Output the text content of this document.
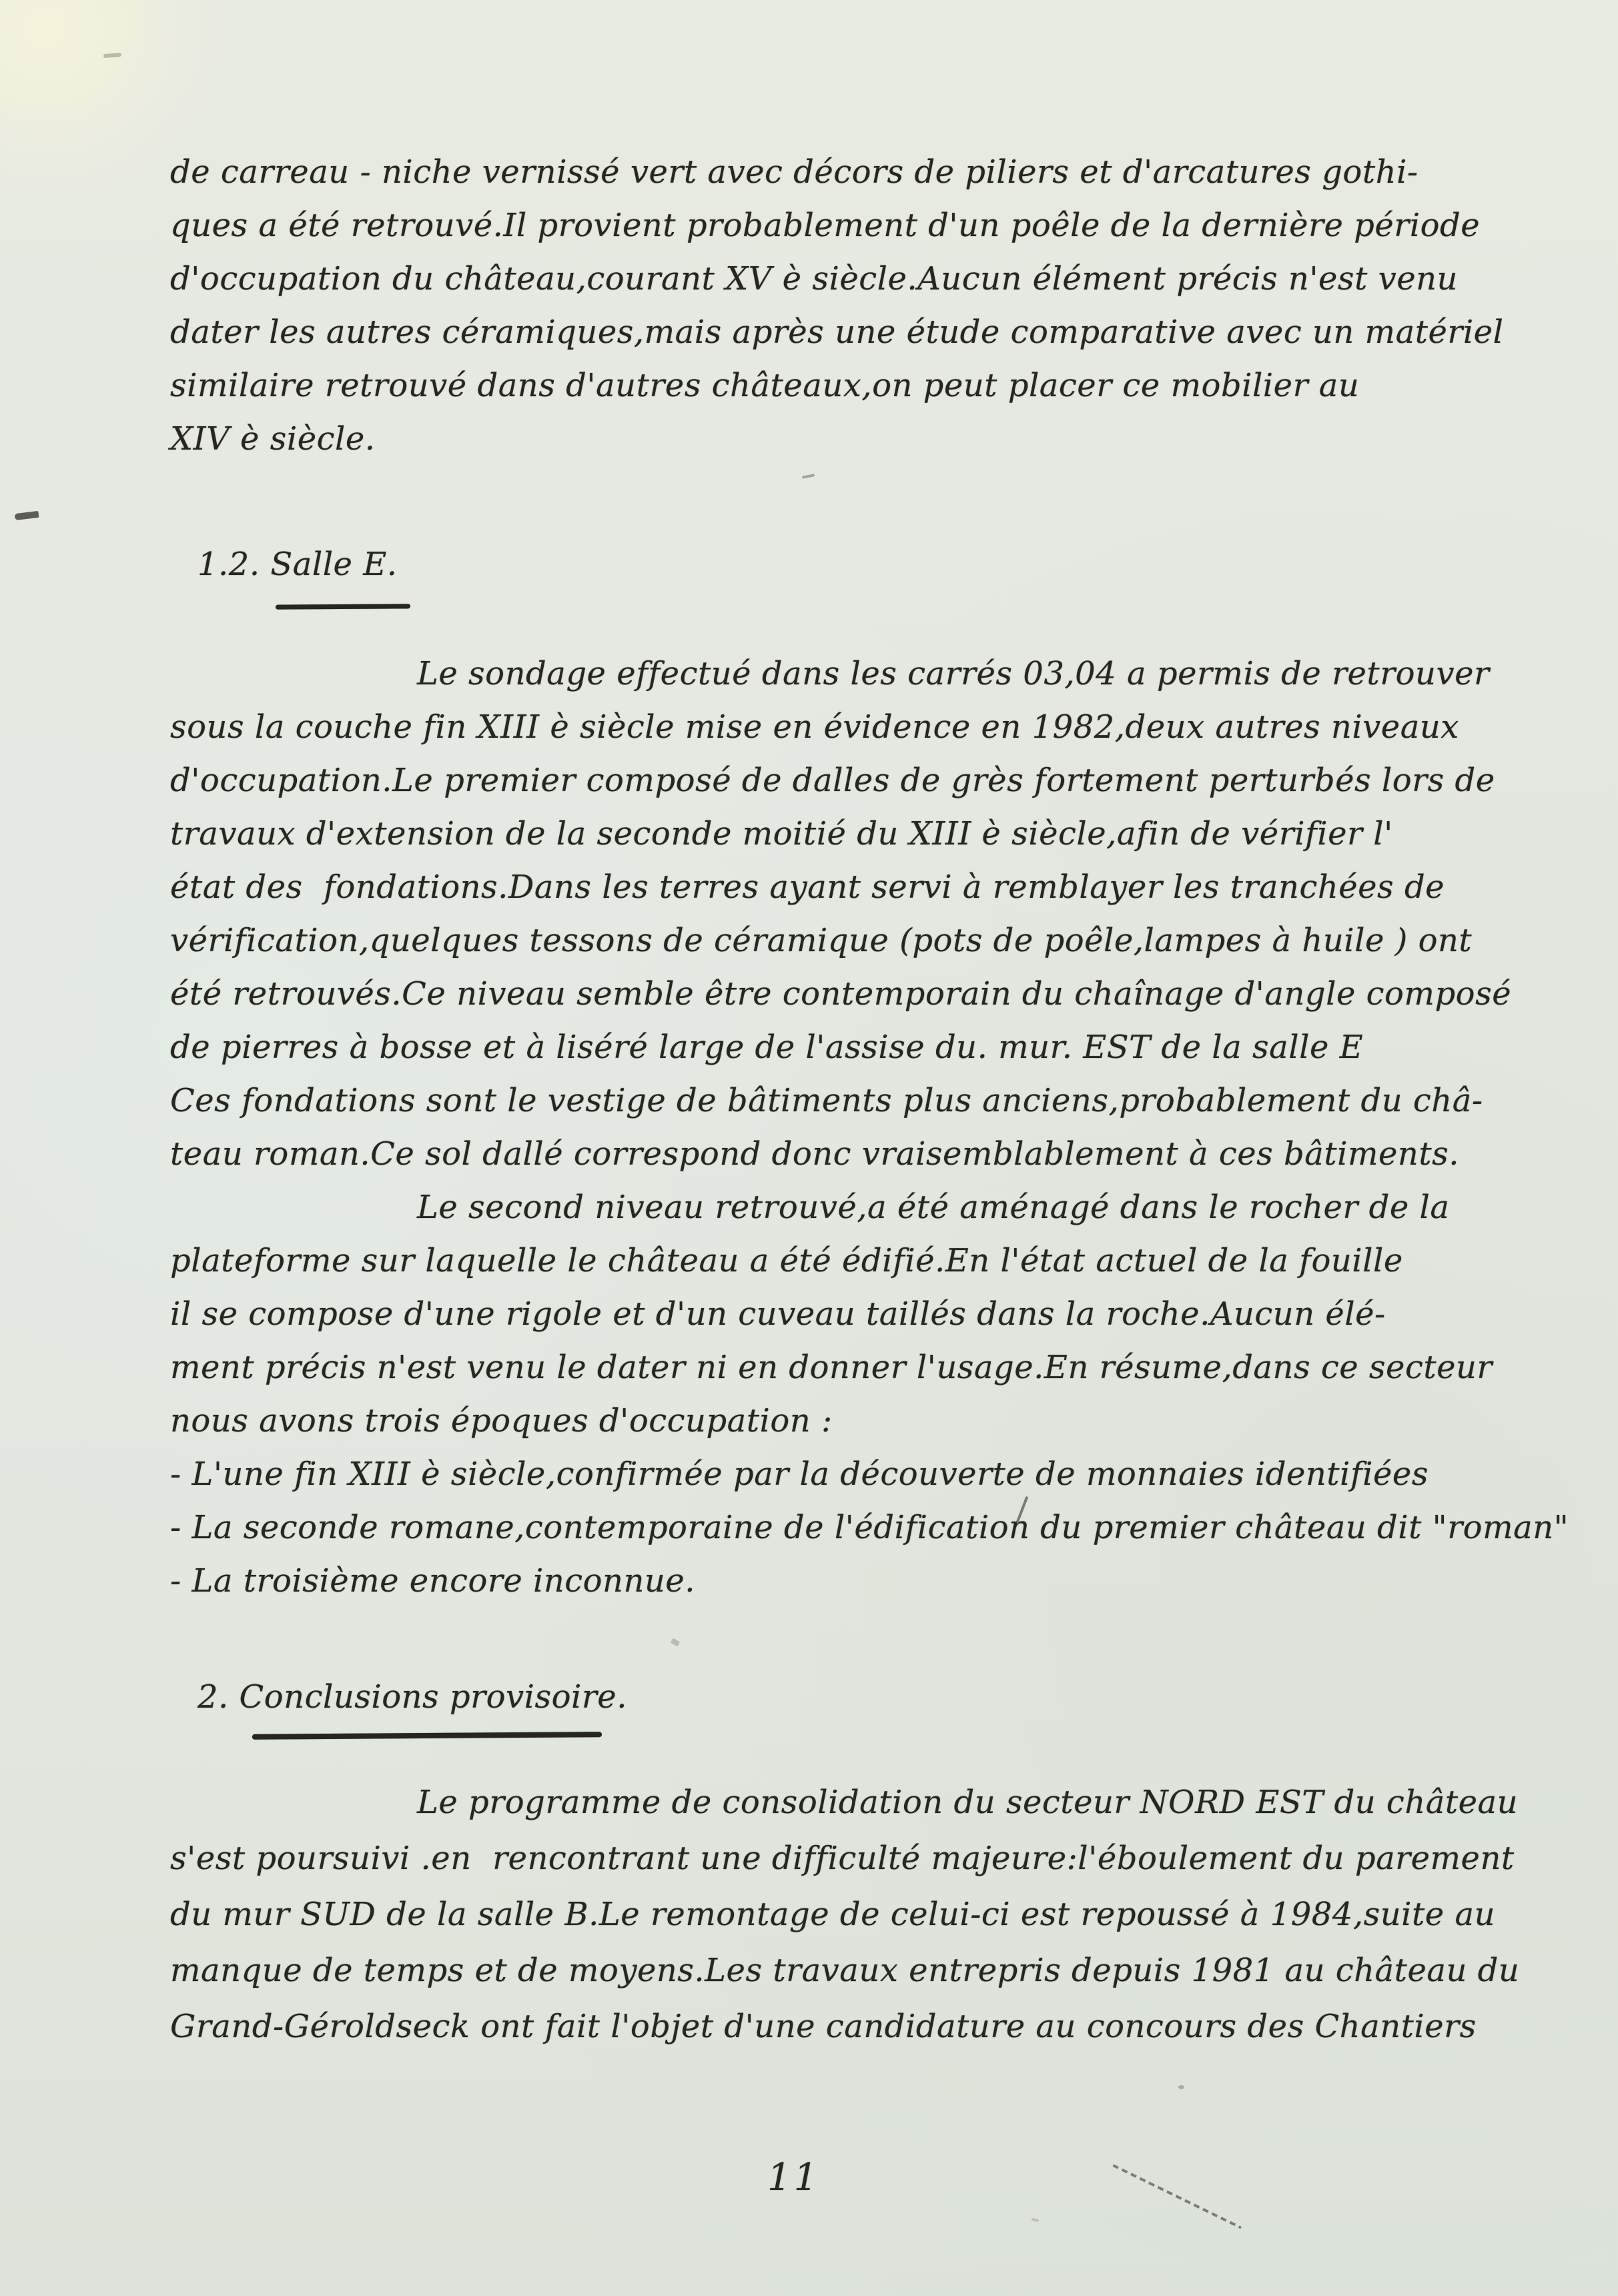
de carreau - niche vernissé vert avec décors de piliers et d'arcatures gothi-
ques a été retrouvé.Il provient probablement d'un poêle de la dernière période
d'occupation du château,courant XV è siècle.Aucun élément précis n'est venu
dater les autres céramiques,mais après une étude comparative avec un matériel
similaire retrouvé dans d'autres châteaux,on peut placer ce mobilier au
XIV è siècle.
1.2. Salle E.
Le sondage effectué dans les carrés 03,04 a permis de retrouver
sous la couche fin XIII è siècle mise en évidence en 1982,deux autres niveaux
d'occupation.Le premier composé de dalles de grès fortement perturbés lors de
travaux d'extension de la seconde moitié du XIII è siècle,afin de vérifier l'
état des  fondations.Dans les terres ayant servi à remblayer les tranchées de
vérification,quelques tessons de céramique (pots de poêle,lampes à huile ) ont
été retrouvés.Ce niveau semble être contemporain du chaînage d'angle composé
de pierres à bosse et à liséré large de l'assise du. mur. EST de la salle E
Ces fondations sont le vestige de bâtiments plus anciens,probablement du châ-
teau roman.Ce sol dallé correspond donc vraisemblablement à ces bâtiments.
Le second niveau retrouvé,a été aménagé dans le rocher de la
plateforme sur laquelle le château a été édifié.En l'état actuel de la fouille
il se compose d'une rigole et d'un cuveau taillés dans la roche.Aucun élé-
ment précis n'est venu le dater ni en donner l'usage.En résume,dans ce secteur
nous avons trois époques d'occupation :
- L'une fin XIII è siècle,confirmée par la découverte de monnaies identifiées
- La seconde romane,contemporaine de l'édification du premier château dit "roman"
- La troisième encore inconnue.
2. Conclusions provisoire.
Le programme de consolidation du secteur NORD EST du château
s'est poursuivi .en  rencontrant une difficulté majeure:l'éboulement du parement
du mur SUD de la salle B.Le remontage de celui-ci est repoussé à 1984,suite au
manque de temps et de moyens.Les travaux entrepris depuis 1981 au château du
Grand-Géroldseck ont fait l'objet d'une candidature au concours des Chantiers
11
